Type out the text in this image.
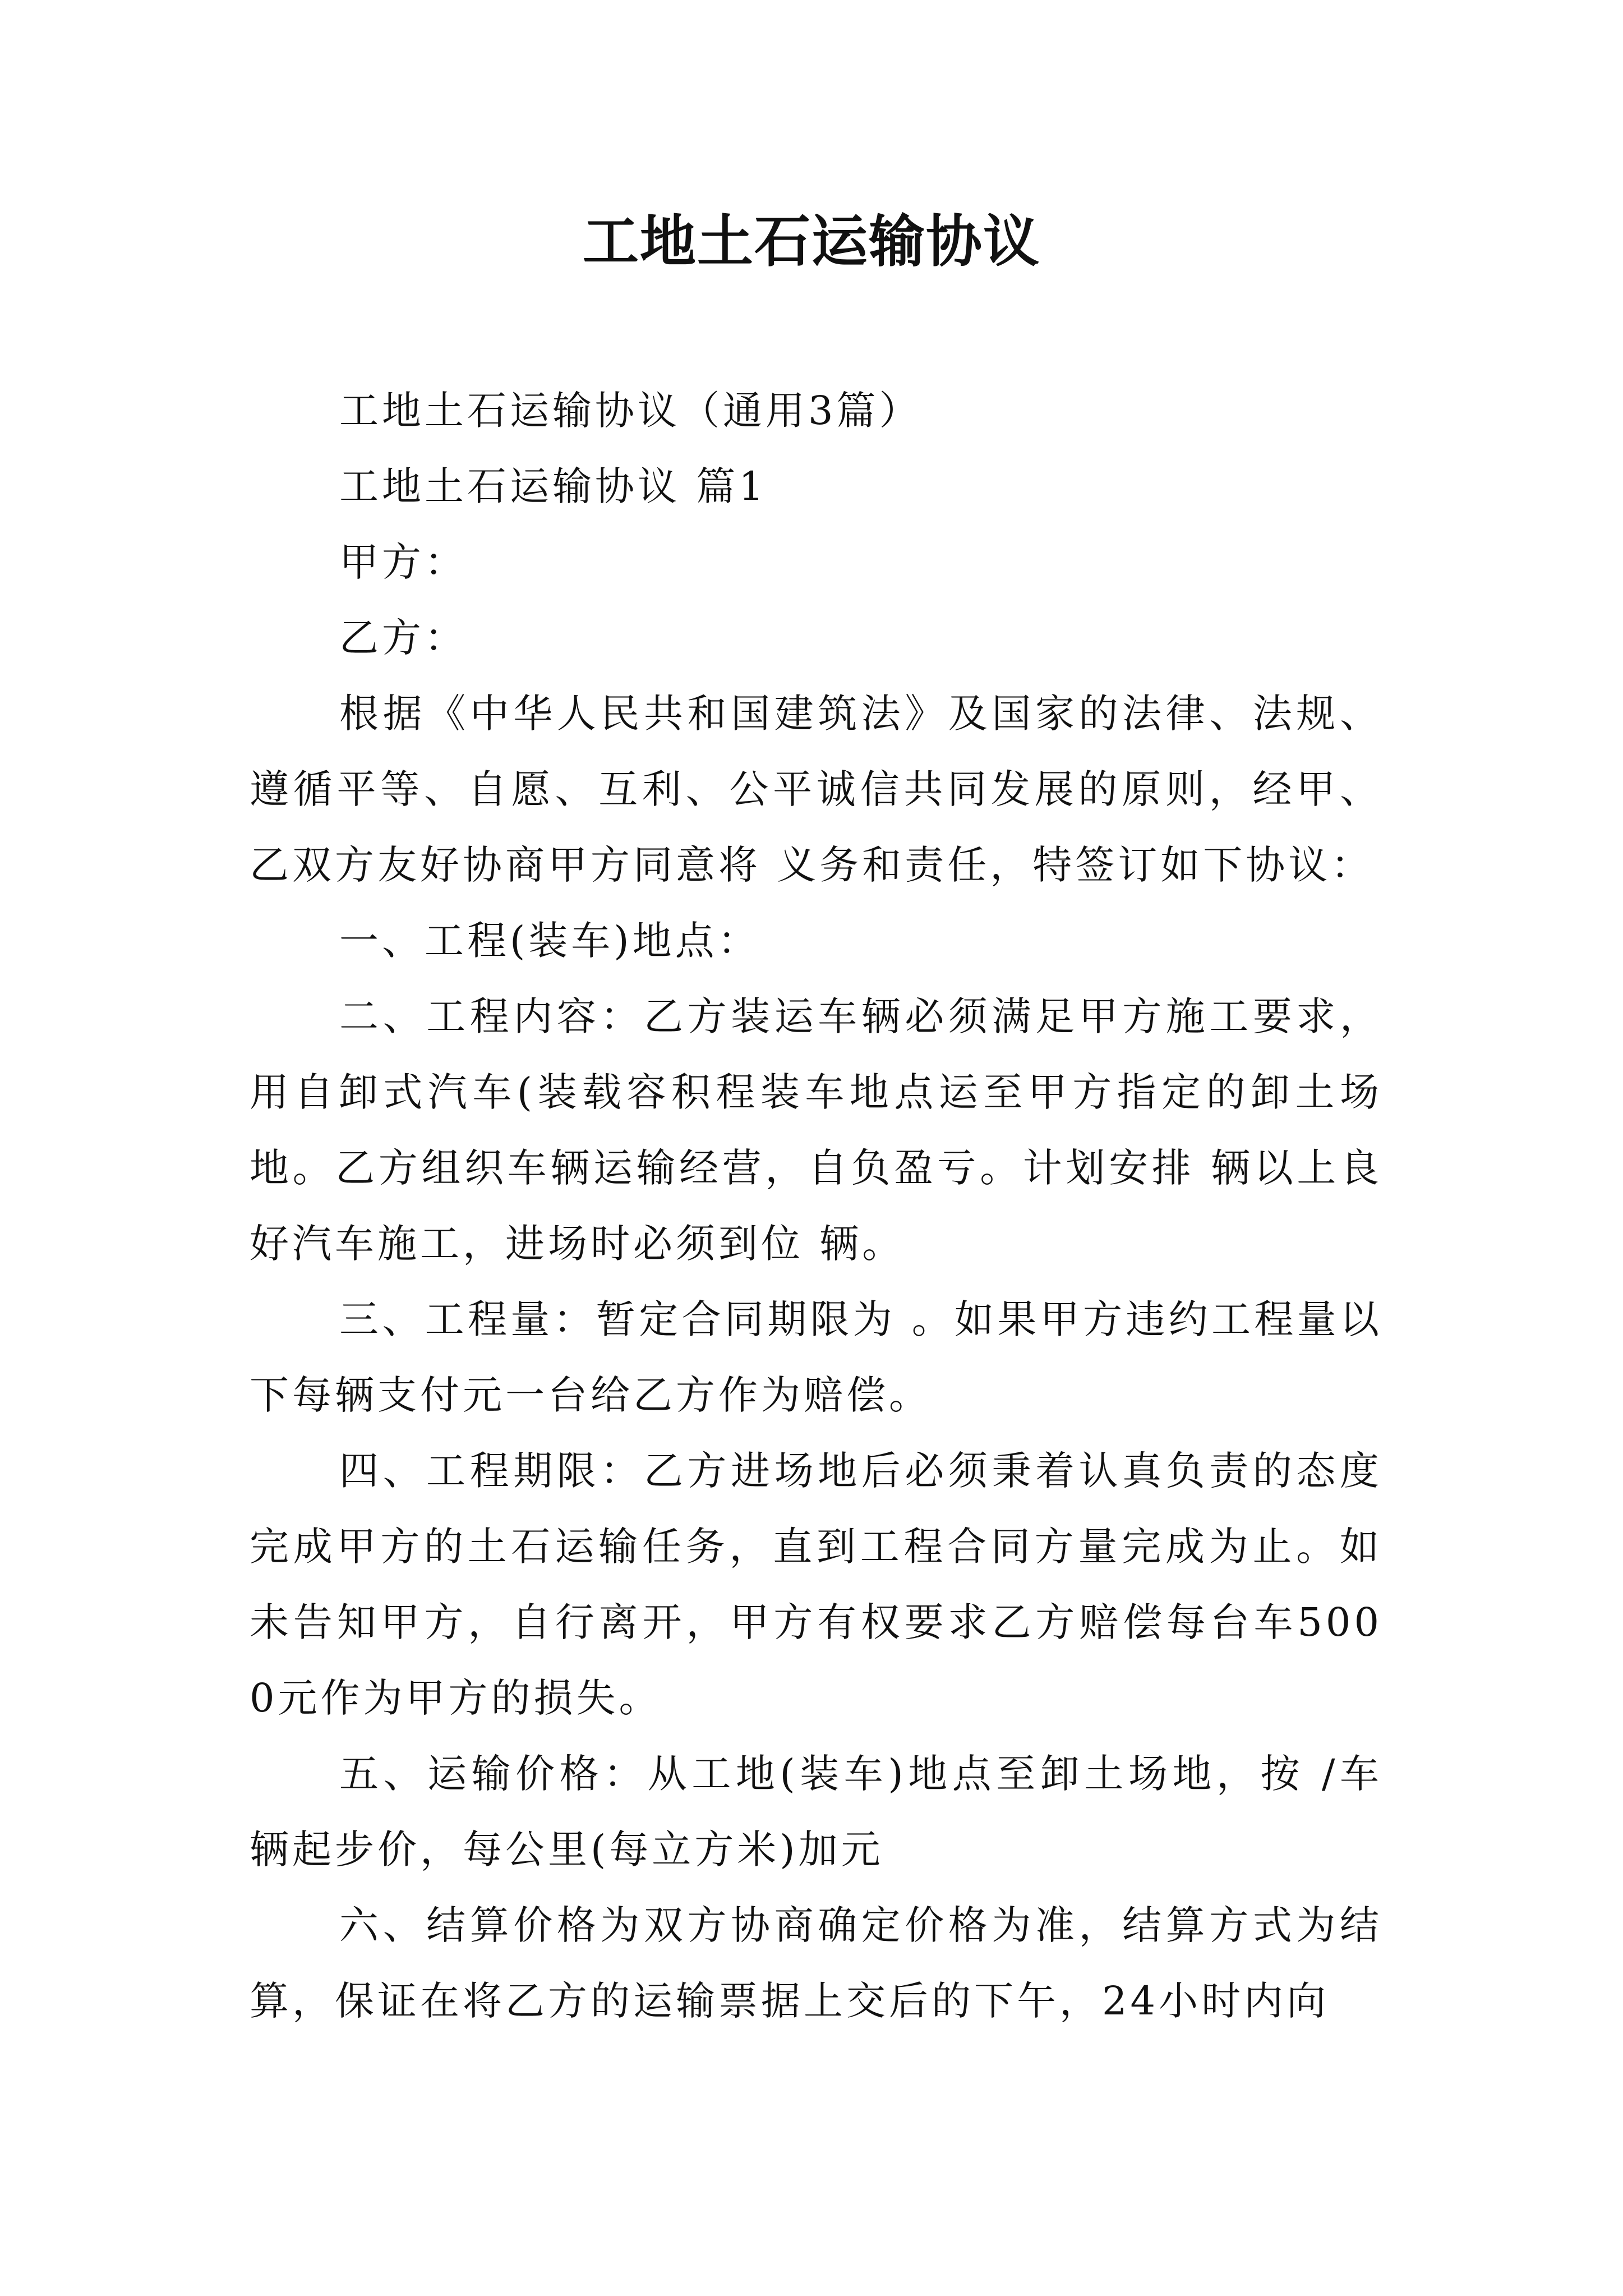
工地土石运输协议

工地土石运输协议（通用3篇）

工地土石运输协议 篇1

甲方：

乙方：

根据《中华人民共和国建筑法》及国家的法律、法规、遵循平等、自愿、互利、公平诚信共同发展的原则，经甲、乙双方友好协商甲方同意将 义务和责任，特签订如下协议：

一、工程(装车)地点：

二、工程内容：乙方装运车辆必须满足甲方施工要求，用自卸式汽车(装载容积程装车地点运至甲方指定的卸土场地。乙方组织车辆运输经营，自负盈亏。计划安排 辆以上良好汽车施工，进场时必须到位 辆。

三、工程量：暂定合同期限为 。如果甲方违约工程量以下每辆支付元一台给乙方作为赔偿。

四、工程期限：乙方进场地后必须秉着认真负责的态度完成甲方的土石运输任务，直到工程合同方量完成为止。如未告知甲方，自行离开，甲方有权要求乙方赔偿每台车5000元作为甲方的损失。

五、运输价格：从工地(装车)地点至卸土场地，按 /车辆起步价，每公里(每立方米)加元

六、结算价格为双方协商确定价格为准，结算方式为结算，保证在将乙方的运输票据上交后的下午，24小时内向
